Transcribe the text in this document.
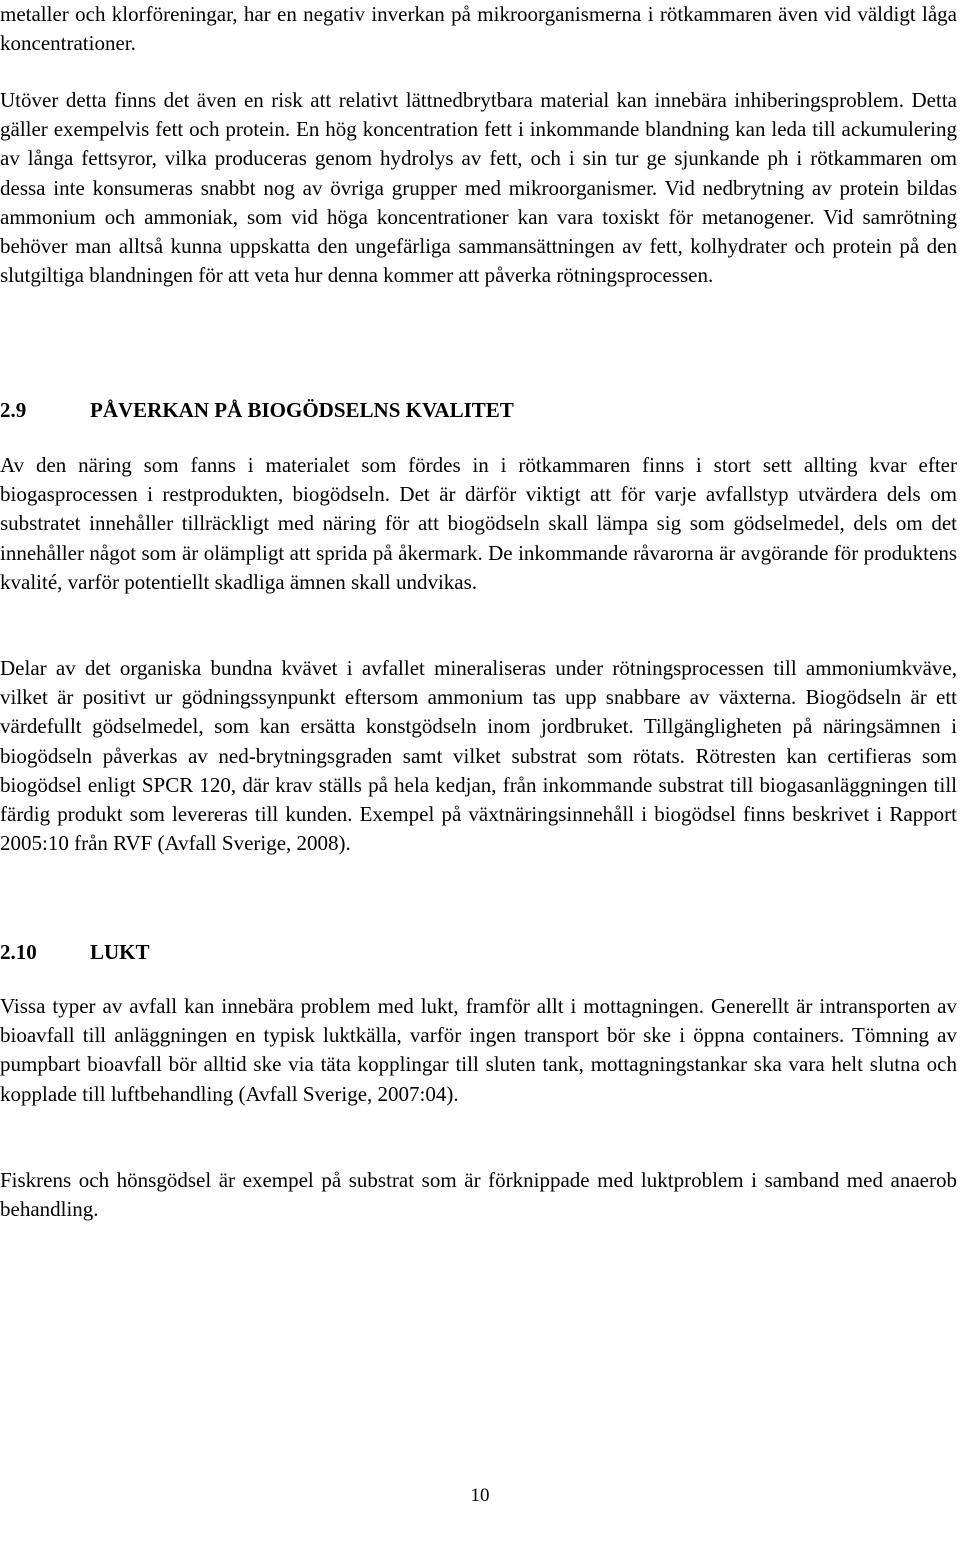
metaller och klorföreningar, har en negativ inverkan på mikroorganismerna i rötkammaren även vid väldigt låga koncentrationer.

Utöver detta finns det även en risk att relativt lättnedbrytbara material kan innebära inhiberingsproblem. Detta gäller exempelvis fett och protein. En hög koncentration fett i inkommande blandning kan leda till ackumulering av långa fettsyror, vilka produceras genom hydrolys av fett, och i sin tur ge sjunkande ph i rötkammaren om dessa inte konsumeras snabbt nog av övriga grupper med mikroorganismer. Vid nedbrytning av protein bildas ammonium och ammoniak, som vid höga koncentrationer kan vara toxiskt för metanogener. Vid samrötning behöver man alltså kunna uppskatta den ungefärliga sammansättningen av fett, kolhydrater och protein på den slutgiltiga blandningen för att veta hur denna kommer att påverka rötningsprocessen.

2.9	PÅVERKAN PÅ BIOGÖDSELNS KVALITET

Av den näring som fanns i materialet som fördes in i rötkammaren finns i stort sett allting kvar efter biogasprocessen i restprodukten, biogödseln. Det är därför viktigt att för varje avfallstyp utvärdera dels om substratet innehåller tillräckligt med näring för att biogödseln skall lämpa sig som gödselmedel, dels om det innehåller något som är olämpligt att sprida på åkermark. De inkommande råvarorna är avgörande för produktens kvalité, varför potentiellt skadliga ämnen skall undvikas.

Delar av det organiska bundna kvävet i avfallet mineraliseras under rötningsprocessen till ammoniumkväve, vilket är positivt ur gödningssynpunkt eftersom ammonium tas upp snabbare av växterna. Biogödseln är ett värdefullt gödselmedel, som kan ersätta konstgödseln inom jordbruket. Tillgängligheten på näringsämnen i biogödseln påverkas av ned-brytningsgraden samt vilket substrat som rötats. Rötresten kan certifieras som biogödsel enligt SPCR 120, där krav ställs på hela kedjan, från inkommande substrat till biogasanläggningen till färdig produkt som levereras till kunden. Exempel på växtnäringsinnehåll i biogödsel finns beskrivet i Rapport 2005:10 från RVF (Avfall Sverige, 2008).

2.10	LUKT

Vissa typer av avfall kan innebära problem med lukt, framför allt i mottagningen. Generellt är intransporten av bioavfall till anläggningen en typisk luktkälla, varför ingen transport bör ske i öppna containers. Tömning av pumpbart bioavfall bör alltid ske via täta kopplingar till sluten tank, mottagningstankar ska vara helt slutna och kopplade till luftbehandling (Avfall Sverige, 2007:04).

Fiskrens och hönsgödsel är exempel på substrat som är förknippade med luktproblem i samband med anaerob behandling.

10
